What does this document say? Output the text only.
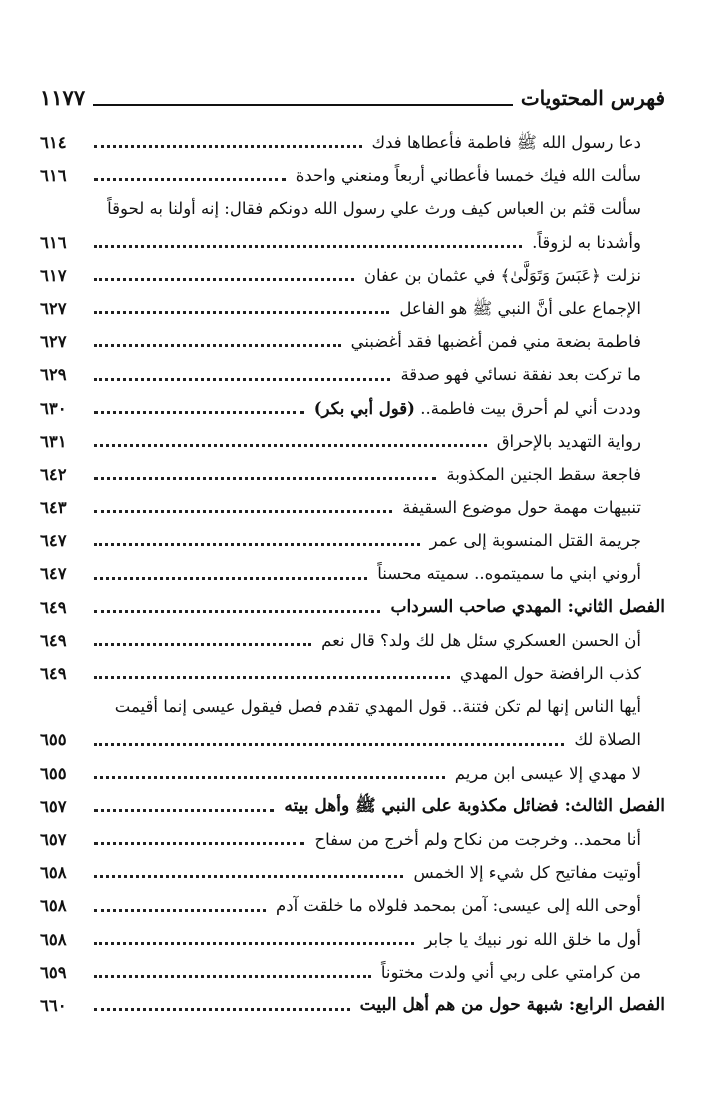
فهرس المحتويات
١١٧٧
دعا رسول الله ﷺ فاطمة فأعطاها فدك
٦١٤
سألت الله فيك خمسا فأعطاني أربعاً ومنعني واحدة
٦١٦
سألت قثم بن العباس كيف ورث علي رسول الله دونكم فقال: إنه أولنا به لحوقاً
وأشدنا به لزوقاً.
٦١٦
نزلت ﴿عَبَسَ وَتَوَلَّىٰ﴾ في عثمان بن عفان
٦١٧
الإجماع على أنَّ النبي ﷺ هو الفاعل
٦٢٧
فاطمة بضعة مني فمن أغضبها فقد أغضبني
٦٢٧
ما تركت بعد نفقة نسائي فهو صدقة
٦٢٩
وددت أني لم أحرق بيت فاطمة.. (قول أبي بكر)
٦٣٠
رواية التهديد بالإحراق
٦٣١
فاجعة سقط الجنين المكذوبة
٦٤٢
تنبيهات مهمة حول موضوع السقيفة
٦٤٣
جريمة القتل المنسوبة إلى عمر
٦٤٧
أروني ابني ما سميتموه.. سميته محسناً
٦٤٧
الفصل الثاني: المهدي صاحب السرداب
٦٤٩
أن الحسن العسكري سئل هل لك ولد؟ قال نعم
٦٤٩
كذب الرافضة حول المهدي
٦٤٩
أيها الناس إنها لم تكن فتنة.. قول المهدي تقدم فصل فيقول عيسى إنما أقيمت
الصلاة لك
٦٥٥
لا مهدي إلا عيسى ابن مريم
٦٥٥
الفصل الثالث: فضائل مكذوبة على النبي ﷺ وأهل بيته
٦٥٧
أنا محمد.. وخرجت من نكاح ولم أخرج من سفاح
٦٥٧
أوتيت مفاتيح كل شيء إلا الخمس
٦٥٨
أوحى الله إلى عيسى: آمن بمحمد فلولاه ما خلقت آدم
٦٥٨
أول ما خلق الله نور نبيك يا جابر
٦٥٨
من كرامتي على ربي أني ولدت مختوناً
٦٥٩
الفصل الرابع: شبهة حول من هم أهل البيت
٦٦٠
